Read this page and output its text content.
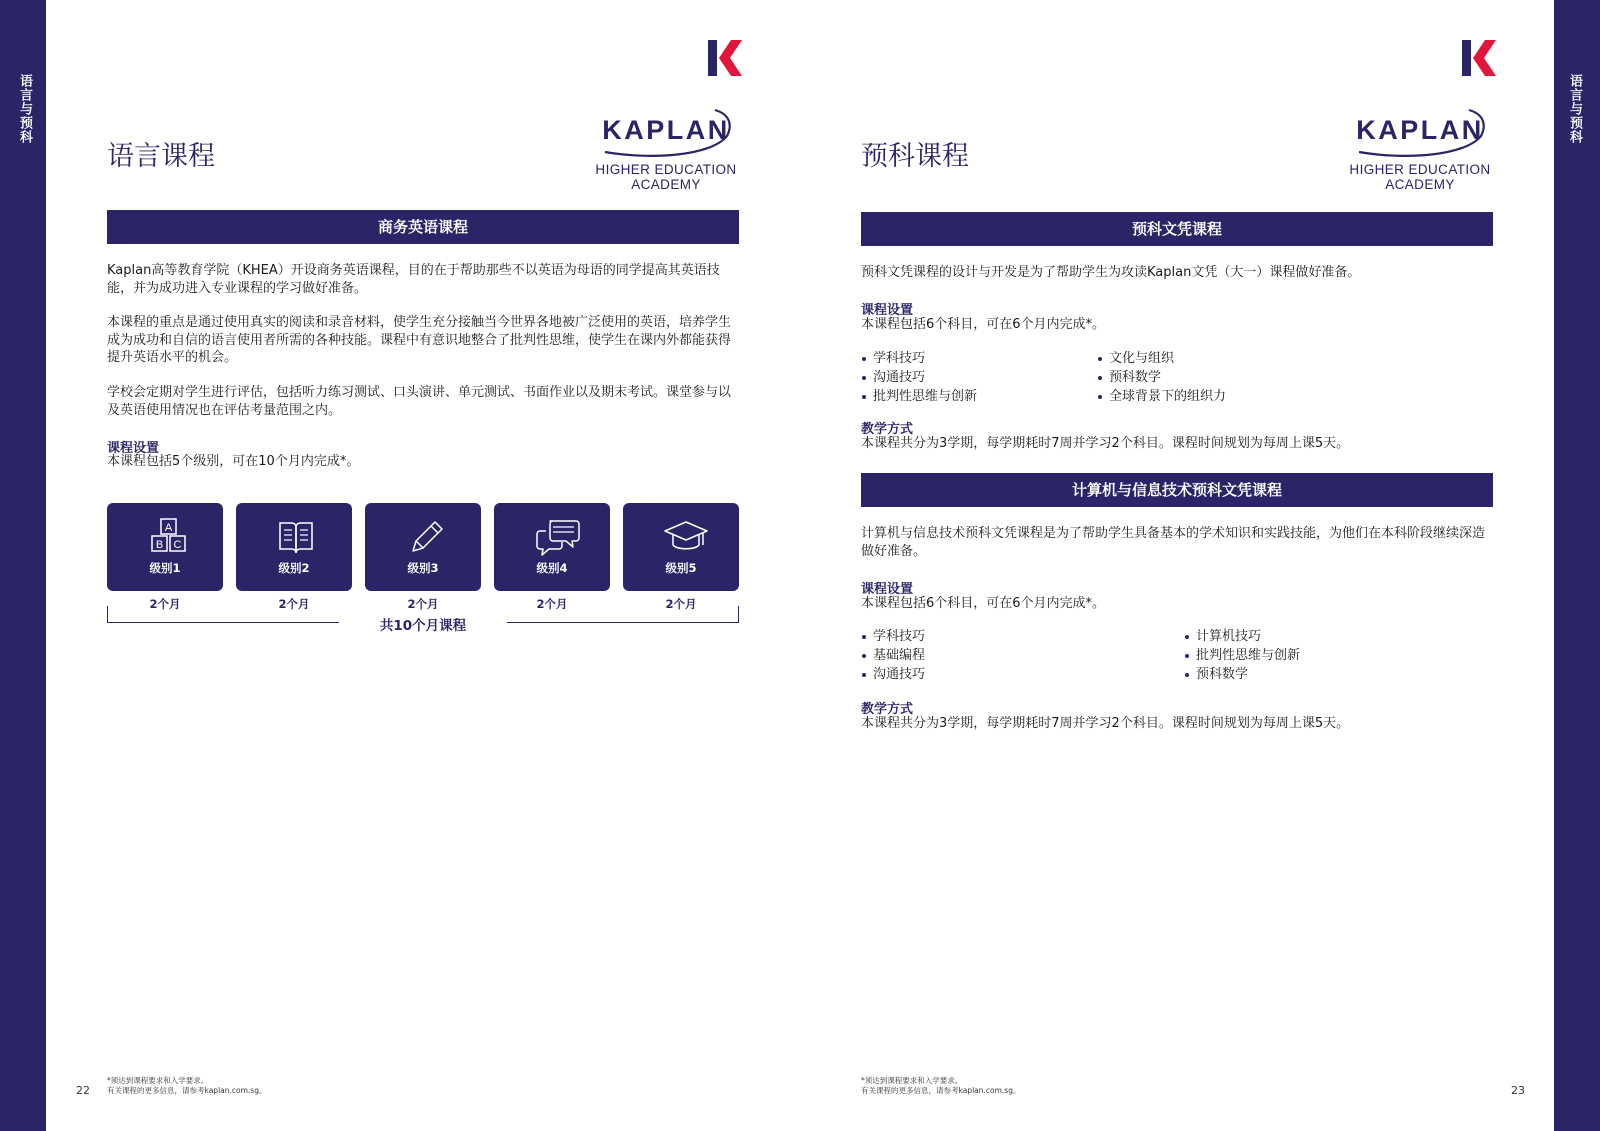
语言与预科	语言与预科
KAPLAN
HIGHER EDUCATION
ACADEMY
语言课程
商务英语课程

Kaplan高等教育学院（KHEA）开设商务英语课程，目的在于帮助那些不以英语为母语的同学提高其英语技能，并为成功进入专业课程的学习做好准备。

本课程的重点是通过使用真实的阅读和录音材料，使学生充分接触当今世界各地被广泛使用的英语，培养学生成为成功和自信的语言使用者所需的各种技能。课程中有意识地整合了批判性思维，使学生在课内外都能获得提升英语水平的机会。

学校会定期对学生进行评估，包括听力练习测试、口头演讲、单元测试、书面作业以及期末考试。课堂参与以及英语使用情况也在评估考量范围之内。

课程设置
本课程包括5个级别，可在10个月内完成*。
A
B C
级别1	级别2	级别3	级别4	级别5
2个月	2个月	2个月	2个月	2个月
共10个月课程
*须达到课程要求和入学要求。
有关课程的更多信息，请参考kaplan.com.sg。
22
KAPLAN
HIGHER EDUCATION
ACADEMY
预科课程
预科文凭课程

预科文凭课程的设计与开发是为了帮助学生为攻读Kaplan文凭（大一）课程做好准备。

课程设置
本课程包括6个科目，可在6个月内完成*。
学科技巧
沟通技巧
批判性思维与创新
文化与组织
预科数学
全球背景下的组织力
教学方式
本课程共分为3学期，每学期耗时7周并学习2个科目。课程时间规划为每周上课5天。
计算机与信息技术预科文凭课程

计算机与信息技术预科文凭课程是为了帮助学生具备基本的学术知识和实践技能，为他们在本科阶段继续深造做好准备。

课程设置
本课程包括6个科目，可在6个月内完成*。
学科技巧
基础编程
沟通技巧
计算机技巧
批判性思维与创新
预科数学
教学方式
本课程共分为3学期，每学期耗时7周并学习2个科目。课程时间规划为每周上课5天。
*须达到课程要求和入学要求。
有关课程的更多信息，请参考kaplan.com.sg。	23
